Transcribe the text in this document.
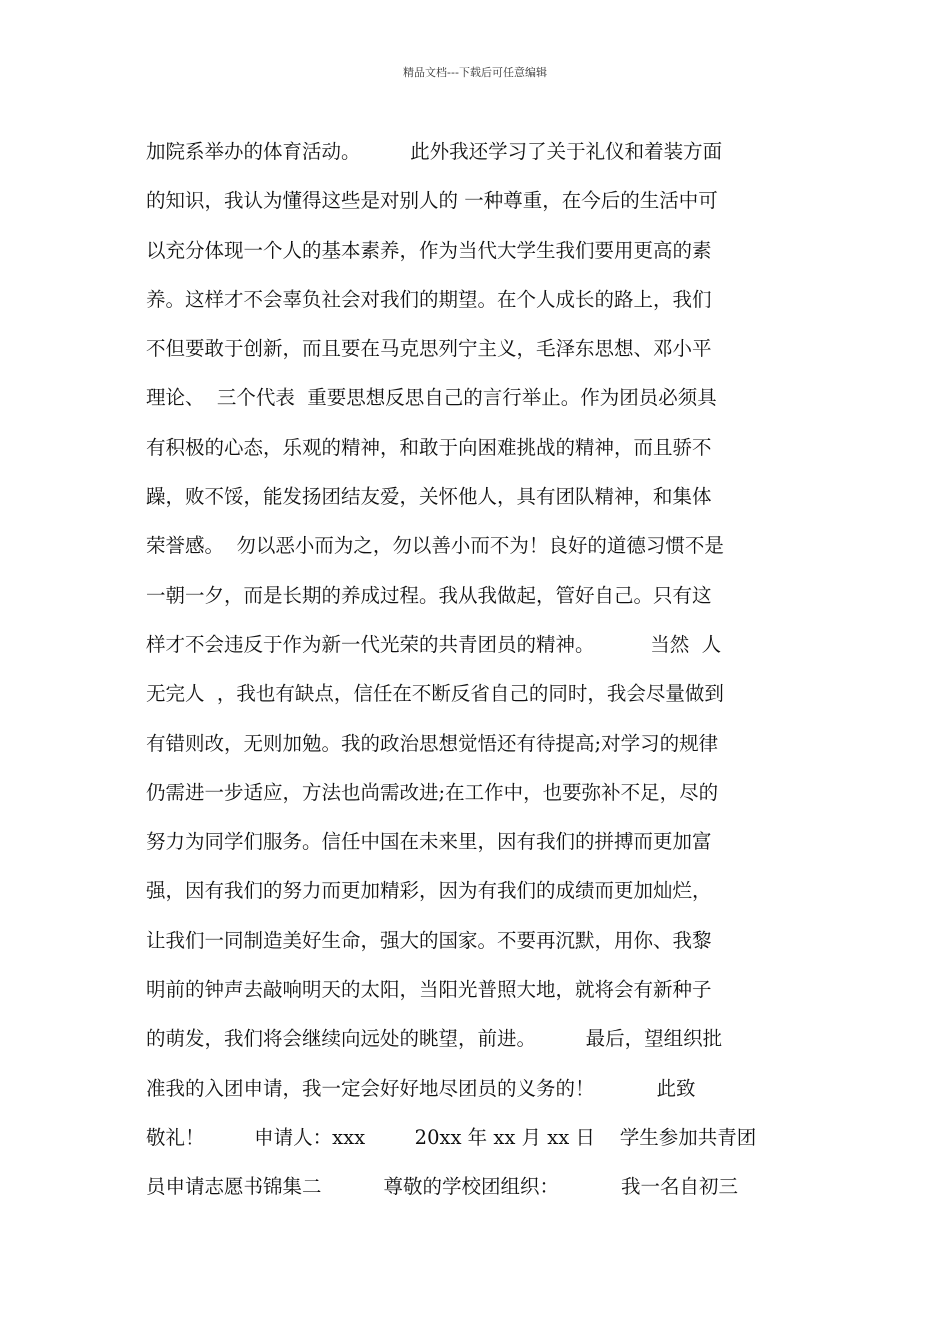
精品文档---下载后可任意编辑
加院系举办的体育活动。        此外我还学习了关于礼仪和着装方面
的知识，我认为懂得这些是对别人的 一种尊重，在今后的生活中可
以充分体现一个人的基本素养，作为当代大学生我们要用更高的素
养。这样才不会辜负社会对我们的期望。在个人成长的路上，我们
不但要敢于创新，而且要在马克思列宁主义，毛泽东思想、邓小平
理论、  三个代表  重要思想反思自己的言行举止。作为团员必须具
有积极的心态，乐观的精神，和敢于向困难挑战的精神，而且骄不
躁，败不馁，能发扬团结友爱，关怀他人，具有团队精神，和集体
荣誉感。  勿以恶小而为之，勿以善小而不为！良好的道德习惯不是
一朝一夕，而是长期的养成过程。我从我做起，管好自己。只有这
样才不会违反于作为新一代光荣的共青团员的精神。         当然  人
无完人  ，我也有缺点，信任在不断反省自己的同时，我会尽量做到
有错则改，无则加勉。我的政治思想觉悟还有待提高;对学习的规律
仍需进一步适应，方法也尚需改进;在工作中，也要弥补不足，尽的
努力为同学们服务。信任中国在未来里，因有我们的拼搏而更加富
强，因有我们的努力而更加精彩，因为有我们的成绩而更加灿烂，
让我们一同制造美好生命，强大的国家。不要再沉默，用你、我黎
明前的钟声去敲响明天的太阳，当阳光普照大地，就将会有新种子
的萌发，我们将会继续向远处的眺望，前进。        最后，望组织批
准我的入团申请，我一定会好好地尽团员的义务的！          此致
敬礼！        申请人：xxx        20xx 年 xx 月 xx 日    学生参加共青团
员申请志愿书锦集二          尊敬的学校团组织：          我一名自初三
